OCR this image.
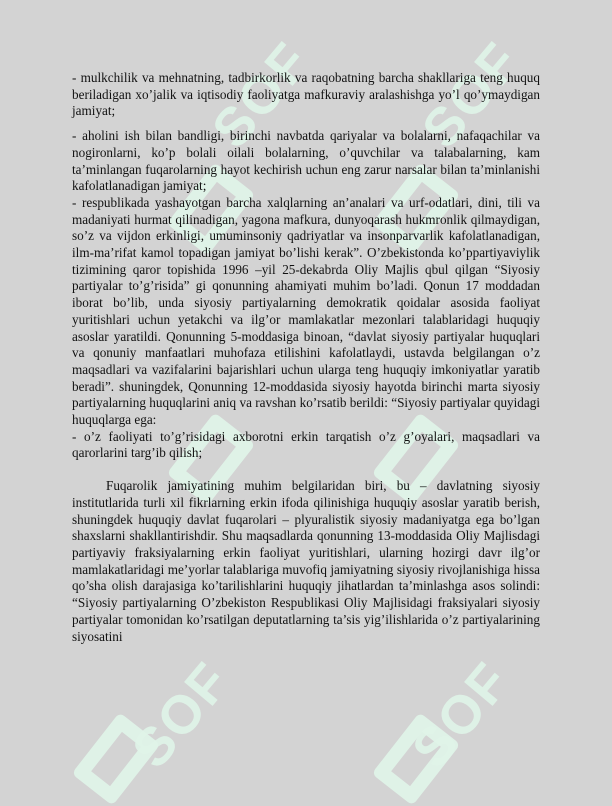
SOF SOF
SOF	SOF

- mulkchilik va mehnatning, tadbirkorlik va raqobatning barcha shakllariga teng huquq beriladigan xo’jalik va iqtisodiy faoliyatga mafkuraviy aralashishga yo’l qo’ymaydigan jamiyat;

- aholini ish bilan bandligi, birinchi navbatda qariyalar va bolalarni, nafaqachilar va nogironlarni, ko’p bolali oilali bolalarning, o’quvchilar va talabalarning, kam ta’minlangan fuqarolarning hayot kechirish uchun eng zarur narsalar bilan ta’minlanishi kafolatlanadigan jamiyat;

- respublikada yashayotgan barcha xalqlarning an’analari va urf-odatlari, dini, tili va madaniyati hurmat qilinadigan, yagona mafkura, dunyoqarash hukmronlik qilmaydigan, so’z va vijdon erkinligi, umuminsoniy qadriyatlar va insonparvarlik kafolatlanadigan, ilm-ma’rifat kamol topadigan jamiyat bo’lishi kerak”. O’zbekistonda ko’ppartiyaviylik tizimining qaror topishida 1996 –yil 25-dekabrda Oliy Majlis qbul qilgan “Siyosiy partiyalar to’g’risida” gi qonunning ahamiyati muhim bo’ladi. Qonun 17 moddadan iborat bo’lib, unda siyosiy partiyalarning demokratik qoidalar asosida faoliyat yuritishlari uchun yetakchi va ilg’or mamlakatlar mezonlari talablaridagi huquqiy asoslar yaratildi. Qonunning 5-moddasiga binoan, “davlat siyosiy partiyalar huquqlari va qonuniy manfaatlari muhofaza etilishini kafolatlaydi, ustavda belgilangan o’z maqsadlari va vazifalarini bajarishlari uchun ularga teng huquqiy imkoniyatlar yaratib beradi”. shuningdek, Qonunning 12-moddasida siyosiy hayotda birinchi marta siyosiy partiyalarning huquqlarini aniq va ravshan ko’rsatib berildi: “Siyosiy partiyalar quyidagi huquqlarga ega:

- o’z faoliyati to’g’risidagi axborotni erkin tarqatish o’z g’oyalari, maqsadlari va qarorlarini targ’ib qilish;

Fuqarolik jamiyatining muhim belgilaridan biri, bu – davlatning siyosiy institutlarida turli xil fikrlarning erkin ifoda qilinishiga huquqiy asoslar yaratib berish, shuningdek huquqiy davlat fuqarolari – plyuralistik siyosiy madaniyatga ega bo’lgan shaxslarni shakllantirishdir. Shu maqsadlarda qonunning 13-moddasida Oliy Majlisdagi partiyaviy fraksiyalarning erkin faoliyat yuritishlari, ularning hozirgi davr ilg’or mamlakatlaridagi me’yorlar talablariga muvofiq jamiyatning siyosiy rivojlanishiga hissa qo’sha olish darajasiga ko’tarilishlarini huquqiy jihatlardan ta’minlashga asos solindi: “Siyosiy partiyalarning O’zbekiston Respublikasi Oliy Majlisidagi fraksiyalari siyosiy partiyalar tomonidan ko’rsatilgan deputatlarning ta’sis yig’ilishlarida o’z partiyalarining siyosatini
